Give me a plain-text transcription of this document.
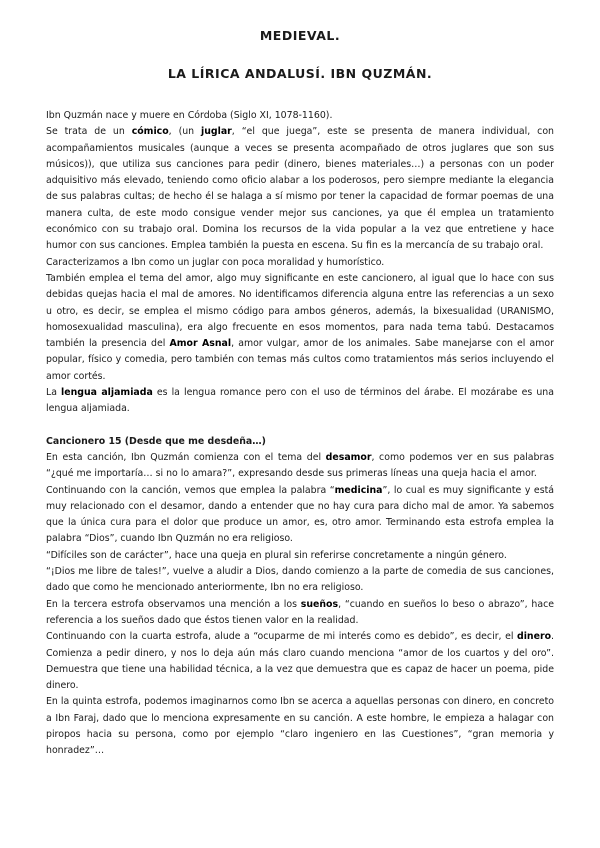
MEDIEVAL.
LA LÍRICA ANDALUSÍ. IBN QUZMÁN.

Ibn Quzmán nace y muere en Córdoba (Siglo XI, 1078-1160).

Se trata de un cómico, (un juglar, “el que juega”, este se presenta de manera individual, con acompañamientos musicales (aunque a veces se presenta acompañado de otros juglares que son sus músicos)), que utiliza sus canciones para pedir (dinero, bienes materiales…) a personas con un poder adquisitivo más elevado, teniendo como oficio alabar a los poderosos, pero siempre mediante la elegancia de sus palabras cultas; de hecho él se halaga a sí mismo por tener la capacidad de formar poemas de una manera culta, de este modo consigue vender mejor sus canciones, ya que él emplea un tratamiento económico con su trabajo oral. Domina los recursos de la vida popular a la vez que entretiene y hace humor con sus canciones. Emplea también la puesta en escena. Su fin es la mercancía de su trabajo oral.

Caracterizamos a Ibn como un juglar con poca moralidad y humorístico.

También emplea el tema del amor, algo muy significante en este cancionero, al igual que lo hace con sus debidas quejas hacia el mal de amores. No identificamos diferencia alguna entre las referencias a un sexo u otro, es decir, se emplea el mismo código para ambos géneros, además, la bixesualidad (URANISMO, homosexualidad masculina), era algo frecuente en esos momentos, para nada tema tabú. Destacamos también la presencia del Amor Asnal, amor vulgar, amor de los animales. Sabe manejarse con el amor popular, físico y comedia, pero también con temas más cultos como tratamientos más serios incluyendo el amor cortés.

La lengua aljamiada es la lengua romance pero con el uso de términos del árabe. El mozárabe es una lengua aljamiada.

Cancionero 15 (Desde que me desdeña…)

En esta canción, Ibn Quzmán comienza con el tema del desamor, como podemos ver en sus palabras “¿qué me importaría… si no lo amara?”, expresando desde sus primeras líneas una queja hacia el amor.

Continuando con la canción, vemos que emplea la palabra “medicina”, lo cual es muy significante y está muy relacionado con el desamor, dando a entender que no hay cura para dicho mal de amor. Ya sabemos que la única cura para el dolor que produce un amor, es, otro amor. Terminando esta estrofa emplea la palabra “Dios”, cuando Ibn Quzmán no era religioso.

“Difíciles son de carácter”, hace una queja en plural sin referirse concretamente a ningún género.

“¡Dios me libre de tales!”, vuelve a aludir a Dios, dando comienzo a la parte de comedia de sus canciones, dado que como he mencionado anteriormente, Ibn no era religioso.

En la tercera estrofa observamos una mención a los sueños, “cuando en sueños lo beso o abrazo”, hace referencia a los sueños dado que éstos tienen valor en la realidad.

Continuando con la cuarta estrofa, alude a “ocuparme de mi interés como es debido”, es decir, el dinero. Comienza a pedir dinero, y nos lo deja aún más claro cuando menciona “amor de los cuartos y del oro”. Demuestra que tiene una habilidad técnica, a la vez que demuestra que es capaz de hacer un poema, pide dinero.

En la quinta estrofa, podemos imaginarnos como Ibn se acerca a aquellas personas con dinero, en concreto a Ibn Faraj, dado que lo menciona expresamente en su canción. A este hombre, le empieza a halagar con piropos hacia su persona, como por ejemplo “claro ingeniero en las Cuestiones”, “gran memoria y honradez”…
